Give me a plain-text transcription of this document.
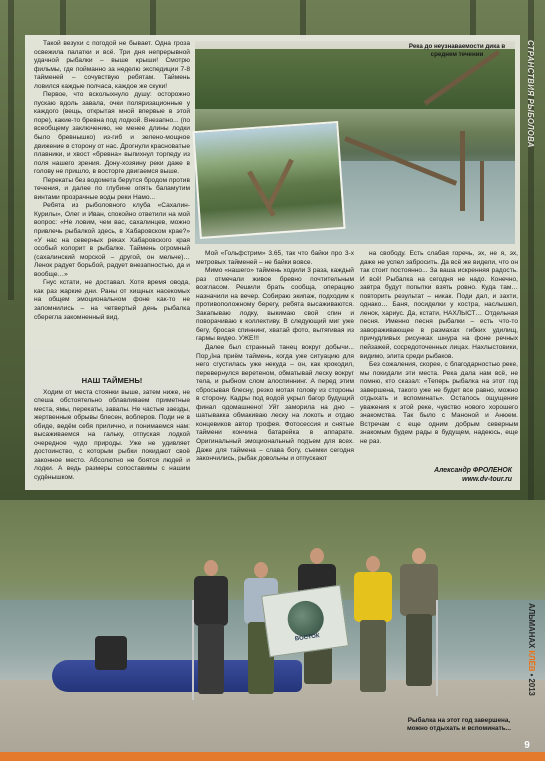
Такой везухи с погодой не бывает. Одна гроза освежила палатки и всё. Три дня непрерывной удачной рыбалки – выше крыши! Смотрю фильмы, где пойманно за неделю экспедиции 7-8 тайменей – сочувствую ребятам. Таймень ловился каждые полчаса, каждое же скуки!

Первое, что всколыхнуло душу: осторожно пускаю вдоль завала, очки поляризационные у каждого (вещь, открытая мной впервые в этой поре), какие-то бревна под лодкой. Внезапно... (по всеобщему заключению, не менее длины лодки было бревнышко) из-гиб и зелено-мощное движение в сторону от нас. Дрогнули красноватые плавники, и хвост «бревна» выпихнул торпеду из поля нашего зрения. Дону-хозяину реки даже в голову не пришло, в восторге двигаемся выше.

Перекаты без водомета берутся бродом против течения, и далее по глубине опять баламутим винтами прозрачные воды реки Намо...

Ребята из рыболовного клуба «Сахалин-Курилы», Олег и Иван, спокойно ответили на мой вопрос: «Не ловим, чем вас, сахалинцев, можно привлечь рыбалкой здесь, в Хабаровском крае?» «У нас на северных реках Хабаровского края особый колорит в рыбалке. Таймень огромный (сахалинский морской – другой, он мельче)… Ленок радует борьбой, радует внезапностью, да и вообще…»

Гнус кстати, не доставал. Хотя время овода, как раз жаркие дни. Раны от хищных насекомых на общем эмоциональном фоне как-то не запомнились – на четвертый день рыбалка сберегла закомненный вид.

НАШ ТАЙМЕНЬ!

Ходим от места стоянки выше, затем ниже, не спеша обстоятельно облавливаем приметные места, ямы, перекаты, завалы. Не частые заезды, жертвенные обрывы блесен, воблеров. Поди не в обиде, ведём себя прилично, и понимаемся нам: высаживаемся на гальку, отпуская лодкой очередное чудо природы. Уже не удивляет достоинство, с которым рыбки покидают своё законное место. Абсолютно не боятся людей и лодки. А ведь размеры сопоставимы с нашим судёнышком.

Река до неузнаваемости дика в среднем течении

Мой «Гольфстрим» 3.65, так что байки про 3-х метровых тайменей – не байки вовсе.

Мимо «нашего» таймень ходили 3 раза, каждый раз отмечали живое бревно почтительным возгласом. Решили брать сообща, операцию назначили на вечер. Собираю экипаж, подходим к противоположному берегу, ребята высаживаются. Закапываю лодку, выкимаю свой спин и поворачиваю к коллективу. В следующий миг уже бегу, бросая спиннинг, хватай фото, вытягивая из гармы видео. УЖЕ!!!

Далее был странный танец вокруг добычи... Порازна приём таймень, когда уже ситуацию для него сгустилась уже некуда – он, как крокодил, перевернулся веретеном, обматывай леску вокруг тела, и рыбном слом алоспиннинг. А перед этим сбросывая блесну, резко мотая голову из стороны в сторону. Кадры под водой укрыл багор будущий финал одомашнено! Уйт заморила на дно – шатывакка обмакиваю леску на локоть и отдаю концевиков автор трофея. Фотосессия и снятые таймени кончина батарейка в аппарате. Оригинальный эмоциональный подъем для всех. Даже для таймена – слава богу, съемки сегодня закончились, рыбак довольны и отпускают

на свободу. Есть слабая горечь, эх, не я, эх, даже не успел забросить. Да всё же видели, что он так стоит постоянно... За вашa искренняя радость. И всё! Рыбалка на сегодня не надо. Конечно, завтра будут попытки взять ровно. Куда там… повторить результат – никак. Поди дал, и захти, однако… Баня, посиделки у костра, наслышел, ленок, хариус. Да, кстати, НАХЛЫСТ… Отдельная песня. Именно песня рыбалки – есть что-то завораживающее в размахах гибких удилищ, причудливых рисунках шнура на фоне речных пейзажей, сосредоточенных лицах. Нахлыстовики, видимо, элита среди рыбаков.

Без сожаления, скорее, с благодарностью реке, мы покидали эти места. Река дала нам всё, не помню, кто сказал: «Теперь рыбалка на этот год завершена, такого уже не будет все равно, можно отдыхать и вспоминать». Осталось ощущение уважения к этой реке, чувство нового хорошего знакомства. Так было с Маноной и Анюем. Встречам с еще одним добрым северным знакомым будем рады в будущем, надеюсь, еще не раз.

Александр ФРОЛЕНОК
www.dv-tour.ru
ВОСТОК
Рыбалка на этот год завершена, можно отдыхать и вспоминать...
СТРАНСТВИЯ РЫБОЛОВА
АЛЬМАНАХ КЛЁВ • 2013
9
